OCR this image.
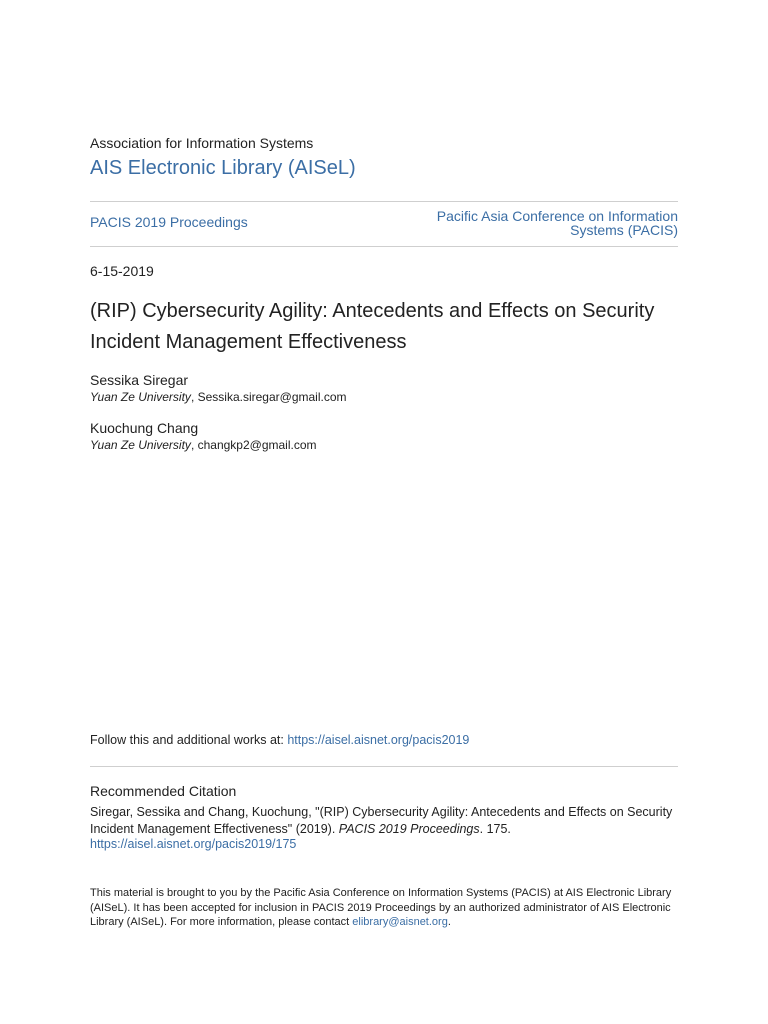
Association for Information Systems
AIS Electronic Library (AISeL)
PACIS 2019 Proceedings	Pacific Asia Conference on Information Systems (PACIS)
6-15-2019
(RIP) Cybersecurity Agility: Antecedents and Effects on Security Incident Management Effectiveness
Sessika Siregar
Yuan Ze University, Sessika.siregar@gmail.com
Kuochung Chang
Yuan Ze University, changkp2@gmail.com
Follow this and additional works at: https://aisel.aisnet.org/pacis2019
Recommended Citation
Siregar, Sessika and Chang, Kuochung, "(RIP) Cybersecurity Agility: Antecedents and Effects on Security Incident Management Effectiveness" (2019). PACIS 2019 Proceedings. 175.
https://aisel.aisnet.org/pacis2019/175
This material is brought to you by the Pacific Asia Conference on Information Systems (PACIS) at AIS Electronic Library (AISeL). It has been accepted for inclusion in PACIS 2019 Proceedings by an authorized administrator of AIS Electronic Library (AISeL). For more information, please contact elibrary@aisnet.org.
